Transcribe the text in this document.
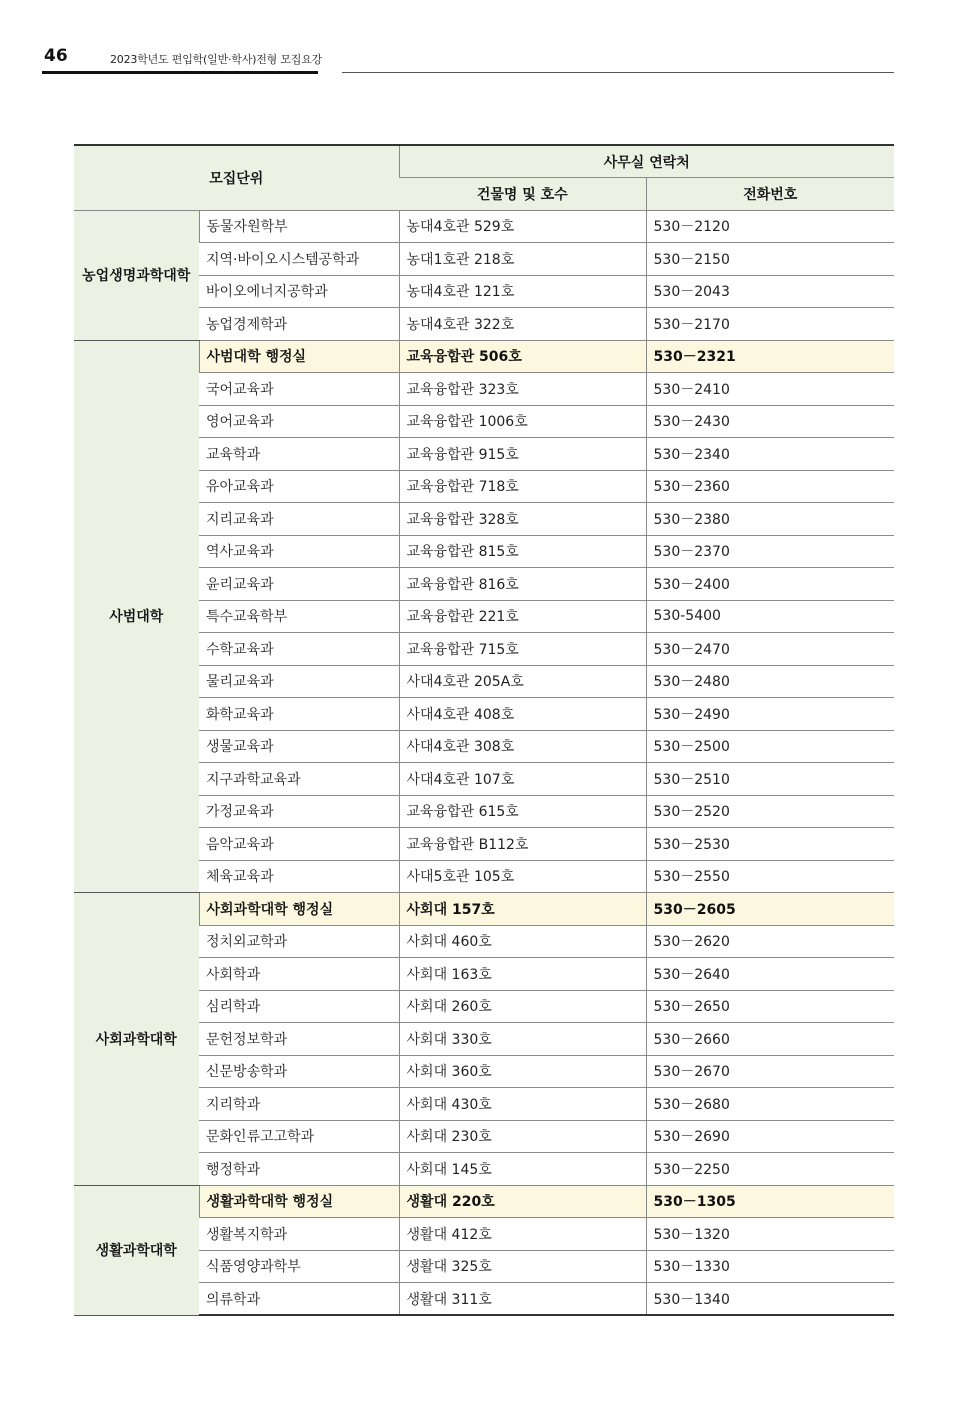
46	2023학년도 편입학(일반·학사)전형 모집요강
모집단위		사무실 연락처	
		건물명 및 호수	전화번호
농업생명과학대학	동물자원학부	농대4호관 529호	530－2120
	지역·바이오시스템공학과	농대1호관 218호	530－2150
	바이오에너지공학과	농대4호관 121호	530－2043
	농업경제학과	농대4호관 322호	530－2170
사범대학	사범대학 행정실	교육융합관 506호	530－2321
	국어교육과	교육융합관 323호	530－2410
	영어교육과	교육융합관 1006호	530－2430
	교육학과	교육융합관 915호	530－2340
	유아교육과	교육융합관 718호	530－2360
	지리교육과	교육융합관 328호	530－2380
	역사교육과	교육융합관 815호	530－2370
	윤리교육과	교육융합관 816호	530－2400
	특수교육학부	교육융합관 221호	530-5400
	수학교육과	교육융합관 715호	530－2470
	물리교육과	사대4호관 205A호	530－2480
	화학교육과	사대4호관 408호	530－2490
	생물교육과	사대4호관 308호	530－2500
	지구과학교육과	사대4호관 107호	530－2510
	가정교육과	교육융합관 615호	530－2520
	음악교육과	교육융합관 B112호	530－2530
	체육교육과	사대5호관 105호	530－2550
사회과학대학	사회과학대학 행정실	사회대 157호	530－2605
	정치외교학과	사회대 460호	530－2620
	사회학과	사회대 163호	530－2640
	심리학과	사회대 260호	530－2650
	문헌정보학과	사회대 330호	530－2660
	신문방송학과	사회대 360호	530－2670
	지리학과	사회대 430호	530－2680
	문화인류고고학과	사회대 230호	530－2690
	행정학과	사회대 145호	530－2250
생활과학대학	생활과학대학 행정실	생활대 220호	530－1305
	생활복지학과	생활대 412호	530－1320
	식품영양과학부	생활대 325호	530－1330
	의류학과	생활대 311호	530－1340
